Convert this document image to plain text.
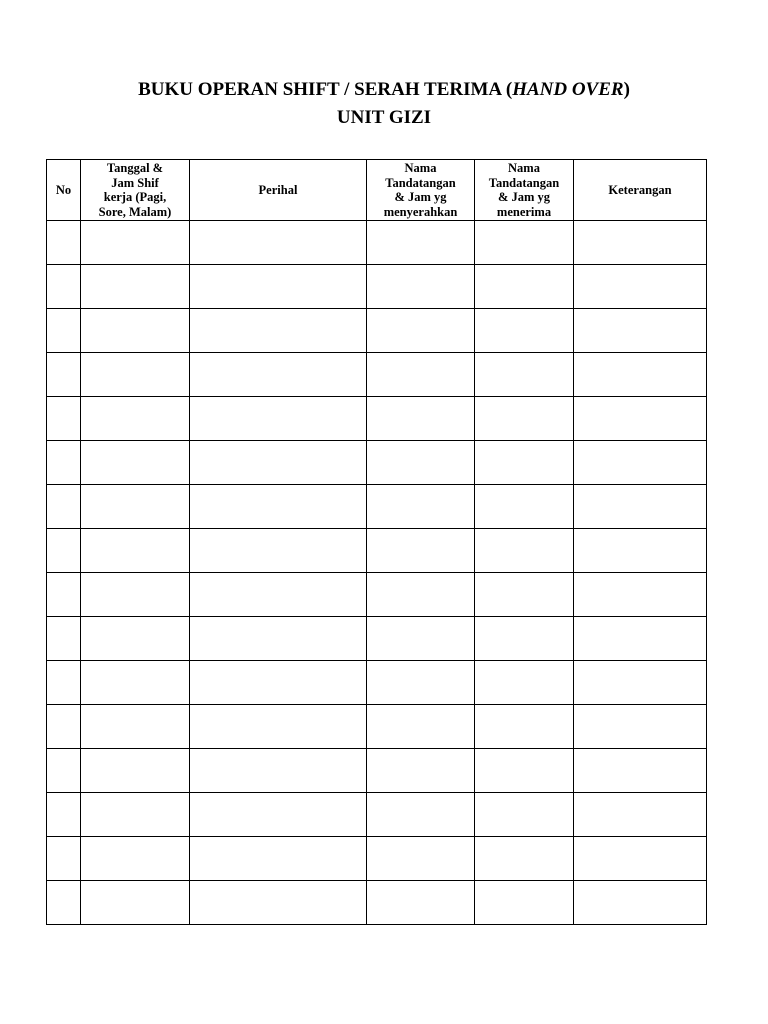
BUKU OPERAN SHIFT / SERAH TERIMA (HAND OVER)
UNIT GIZI
No	Tanggal &
Jam Shif
kerja (Pagi,
Sore, Malam)	Perihal	Nama
Tandatangan
& Jam yg
menyerahkan	Nama
Tandatangan
& Jam yg
menerima	Keterangan
